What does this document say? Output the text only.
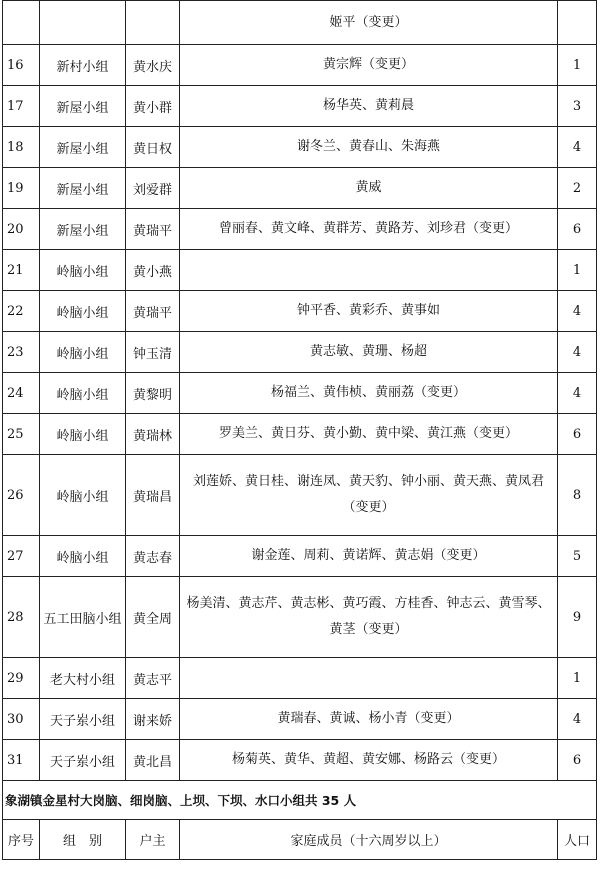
			姬平（变更）	
16	新村小组	黄水庆	黄宗辉（变更）	1
17	新屋小组	黄小群	杨华英、黄莉晨	3
18	新屋小组	黄日权	谢冬兰、黄春山、朱海燕	4
19	新屋小组	刘爱群	黄威	2
20	新屋小组	黄瑞平	曾丽春、黄文峰、黄群芳、黄路芳、刘珍君（变更）	6
21	岭脑小组	黄小燕		1
22	岭脑小组	黄瑞平	钟平香、黄彩乔、黄事如	4
23	岭脑小组	钟玉清	黄志敏、黄珊、杨超	4
24	岭脑小组	黄黎明	杨福兰、黄伟桢、黄丽荔（变更）	4
25	岭脑小组	黄瑞林	罗美兰、黄日芬、黄小勤、黄中梁、黄江燕（变更）	6
26	岭脑小组	黄瑞昌	刘莲娇、黄日桂、谢连凤、黄天豹、钟小丽、黄天燕、黄凤君（变更）	8
27	岭脑小组	黄志春	谢金莲、周莉、黄诺辉、黄志娟（变更）	5
28	五工田脑小组	黄全周	杨美清、黄志芹、黄志彬、黄巧霞、方桂香、钟志云、黄雪琴、黄茎（变更）	9
29	老大村小组	黄志平		1
30	天子岽小组	谢来娇	黄瑞春、黄诚、杨小青（变更）	4
31	天子岽小组	黄北昌	杨菊英、黄华、黄超、黄安娜、杨路云（变更）	6
象湖镇金星村大岗脑、细岗脑、上坝、下坝、水口小组共 35 人				
序号	组　别	户主	家庭成员（十六周岁以上）	人口
